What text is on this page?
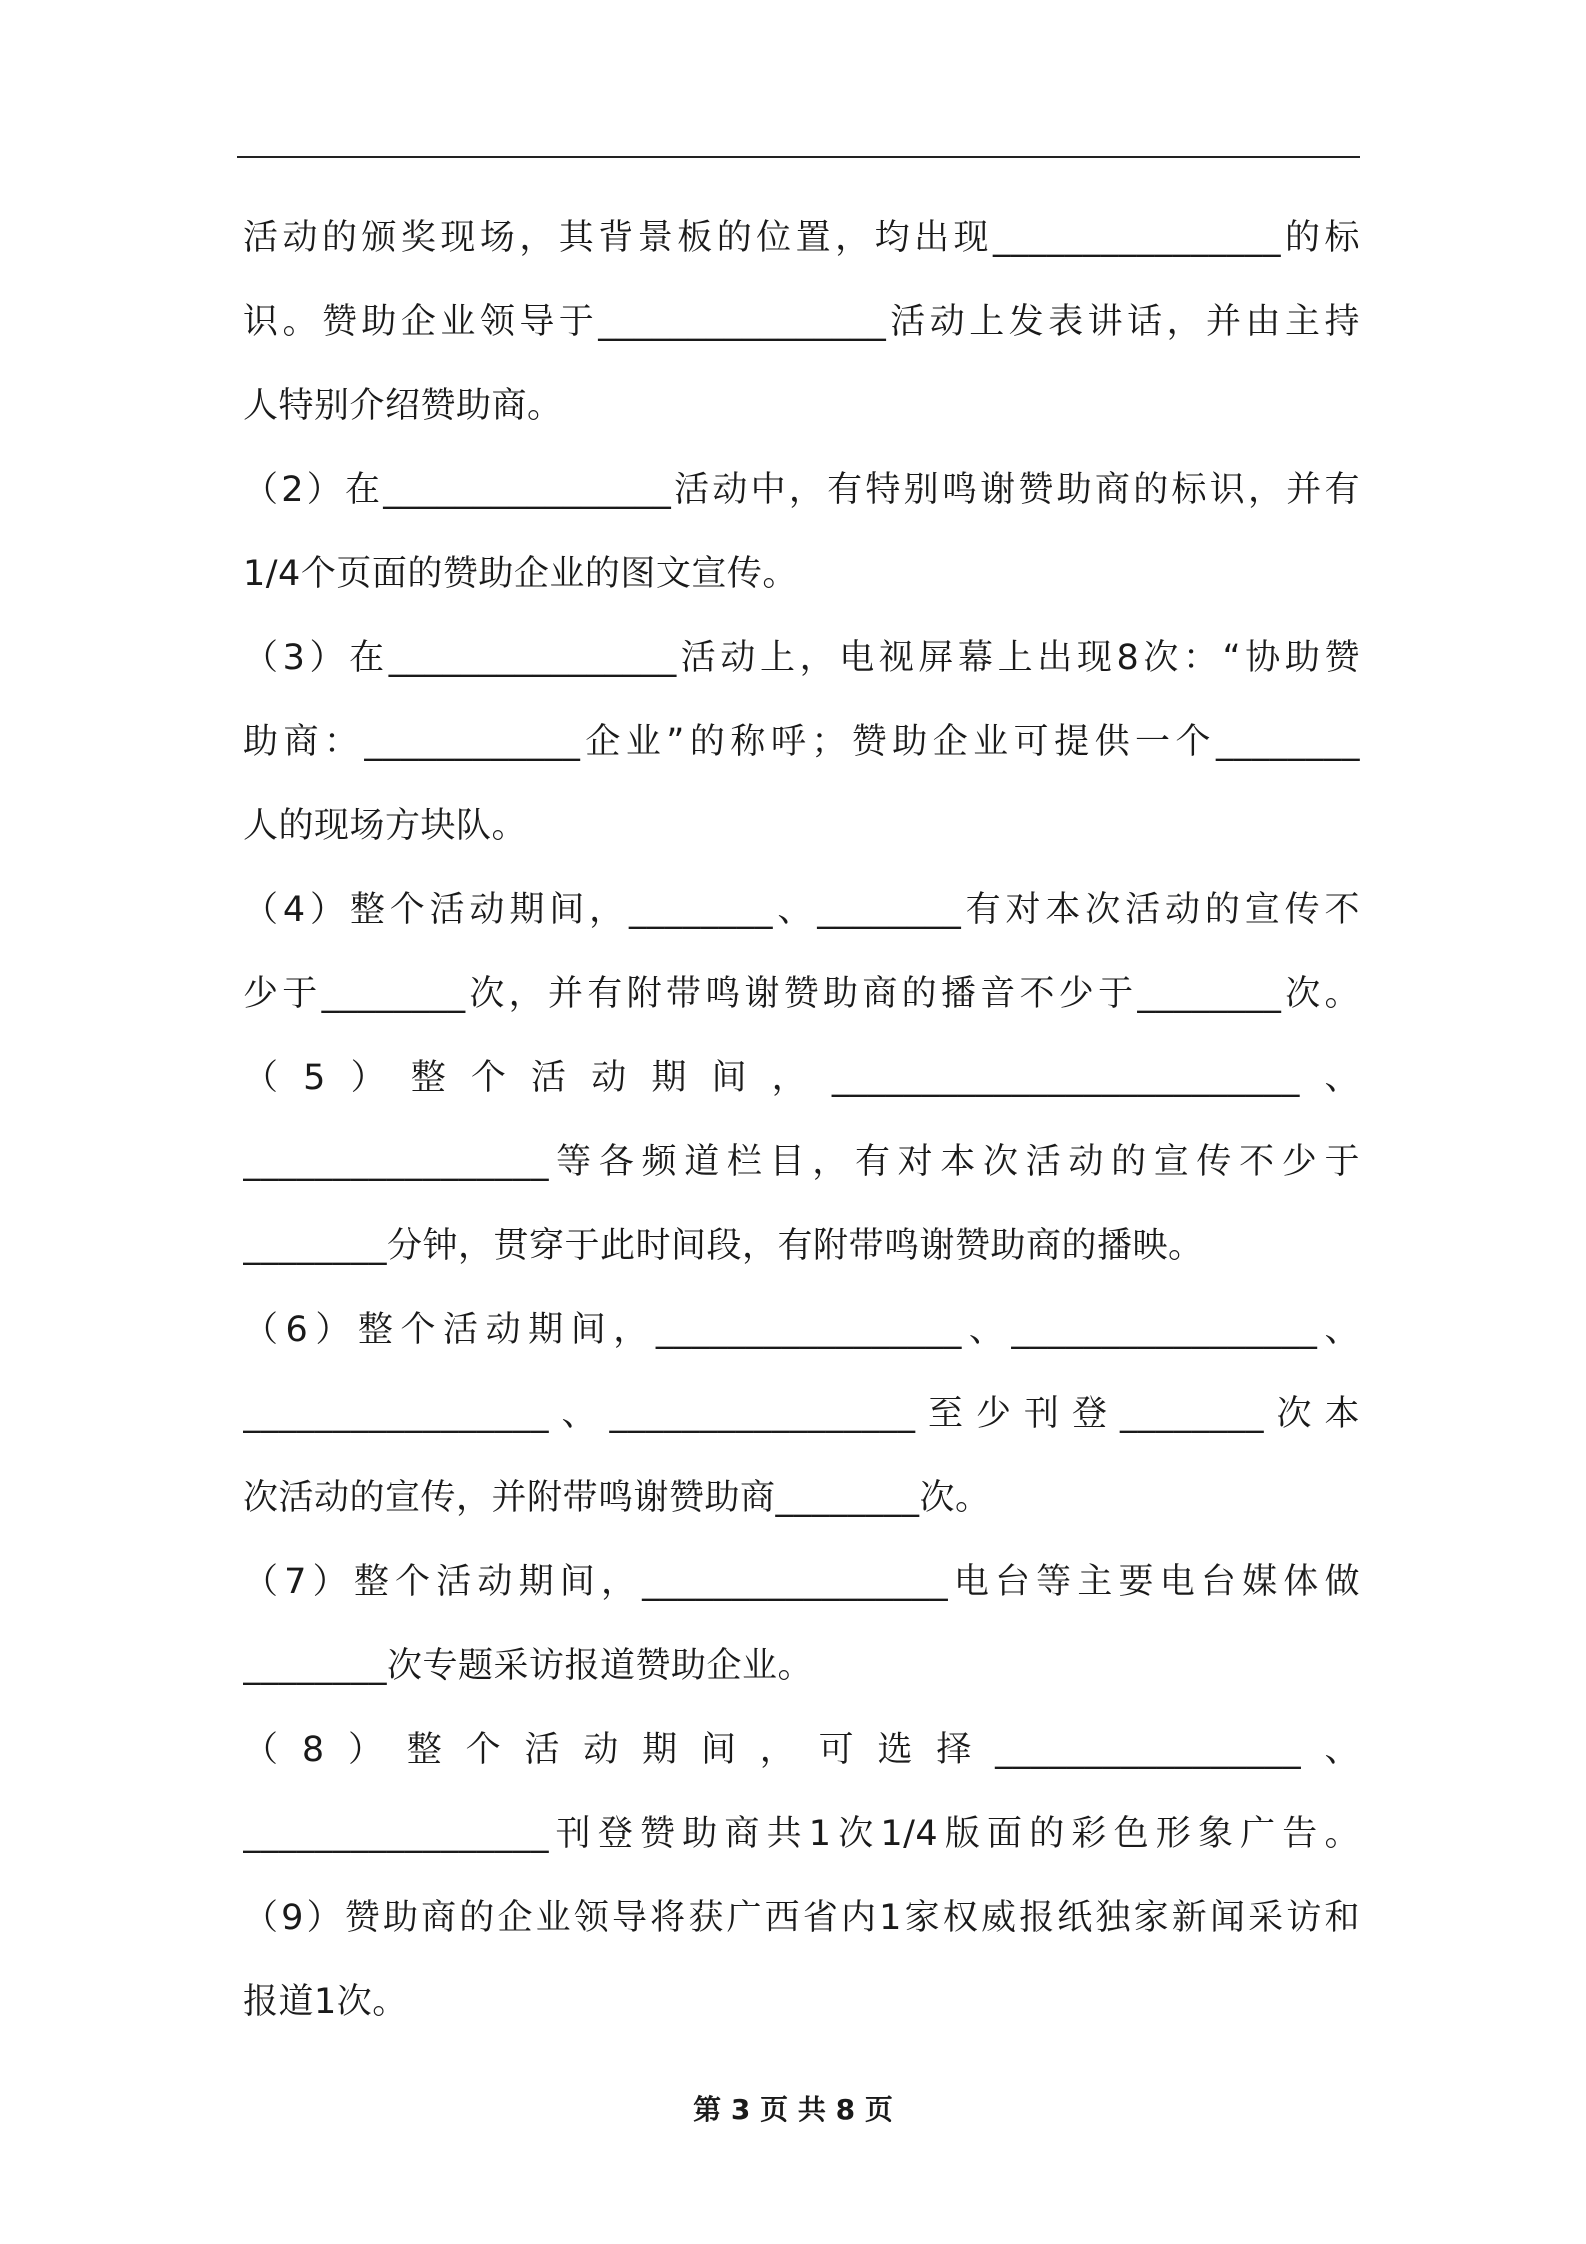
活动的颁奖现场，其背景板的位置，均出现________________的标
识。赞助企业领导于________________活动上发表讲话，并由主持
人特别介绍赞助商。
（2）在________________活动中，有特别鸣谢赞助商的标识，并有
1/4个页面的赞助企业的图文宣传。
（3）在________________活动上，电视屏幕上出现8次：“协助赞
助商：____________企业”的称呼；赞助企业可提供一个________
人的现场方块队。
（4）整个活动期间，________、________有对本次活动的宣传不
少于________次，并有附带鸣谢赞助商的播音不少于________次。
（5）整个活动期间，__________________________、
_________________等各频道栏目，有对本次活动的宣传不少于
________分钟，贯穿于此时间段，有附带鸣谢赞助商的播映。
（6）整个活动期间，_________________、_________________、
_________________、_________________至少刊登________次本
次活动的宣传，并附带鸣谢赞助商________次。
（7）整个活动期间，_________________电台等主要电台媒体做
________次专题采访报道赞助企业。
（8）整个活动期间，可选择_________________、
_________________刊登赞助商共1次1/4版面的彩色形象广告。
（9）赞助商的企业领导将获广西省内1家权威报纸独家新闻采访和
报道1次。
第 3 页 共 8 页
